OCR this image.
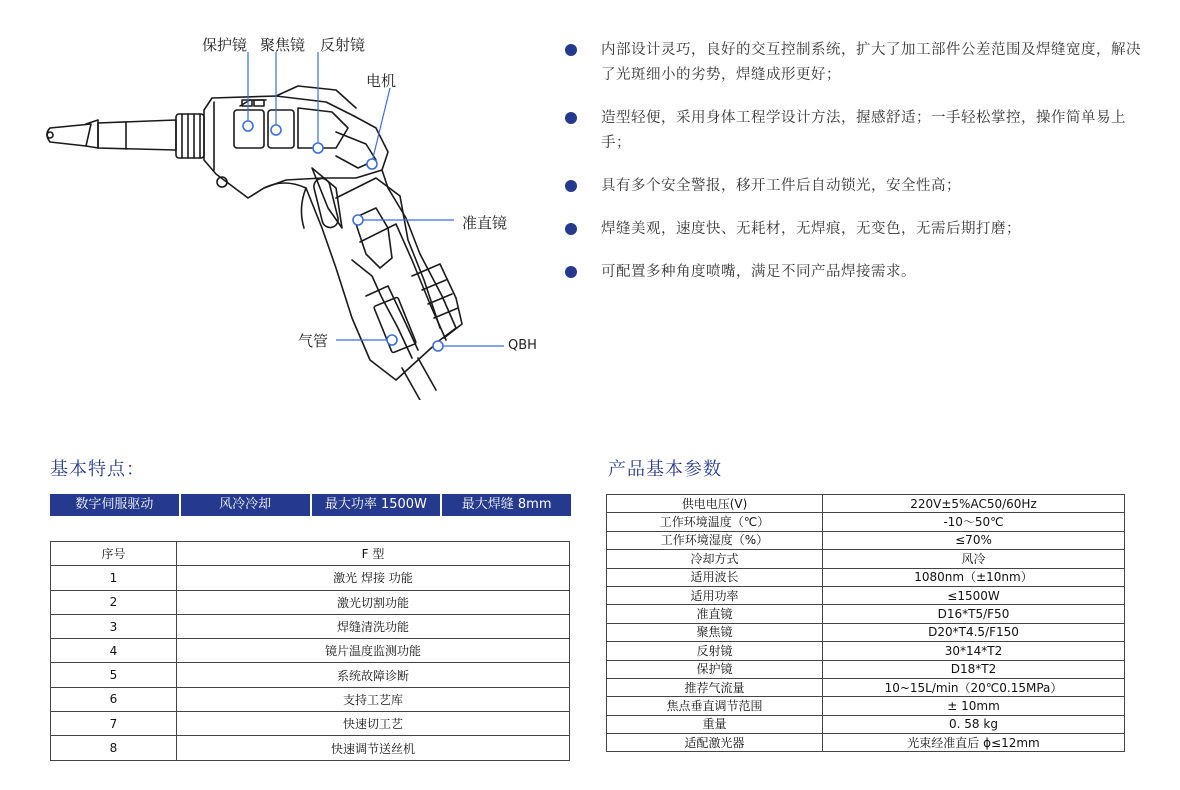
保护镜 聚焦镜 反射镜
电机
准直镜
气管	QBH
内部设计灵巧，良好的交互控制系统，扩大了加工部件公差范围及焊缝宽度，解决了光斑细小的劣势，焊缝成形更好；
造型轻便，采用身体工程学设计方法，握感舒适；一手轻松掌控，操作简单易上手；
具有多个安全警报，移开工件后自动锁光，安全性高；
焊缝美观，速度快、无耗材，无焊痕，无变色，无需后期打磨；
可配置多种角度喷嘴，满足不同产品焊接需求。
基本特点：	产品基本参数
数字伺服驱动	风冷冷却	最大功率 1500W	最大焊缝 8mm
序号	F 型
1	激光 焊接 功能
2	激光切割功能
3	焊缝清洗功能
4	镜片温度监测功能
5	系统故障诊断
6	支持工艺库
7	快速切工艺
8	快速调节送丝机
供电电压(V)	220V±5%AC50/60Hz
工作环境温度（℃）	-10～50℃
工作环境湿度（%）	≤70%
冷却方式	风冷
适用波长	1080nm（±10nm）
适用功率	≤1500W
准直镜	D16*T5/F50
聚焦镜	D20*T4.5/F150
反射镜	30*14*T2
保护镜	D18*T2
推荐气流量	10~15L/min（20℃0.15MPa）
焦点垂直调节范围	± 10mm
重量	0. 58 kg
适配激光器	光束经准直后 ϕ≤12mm
